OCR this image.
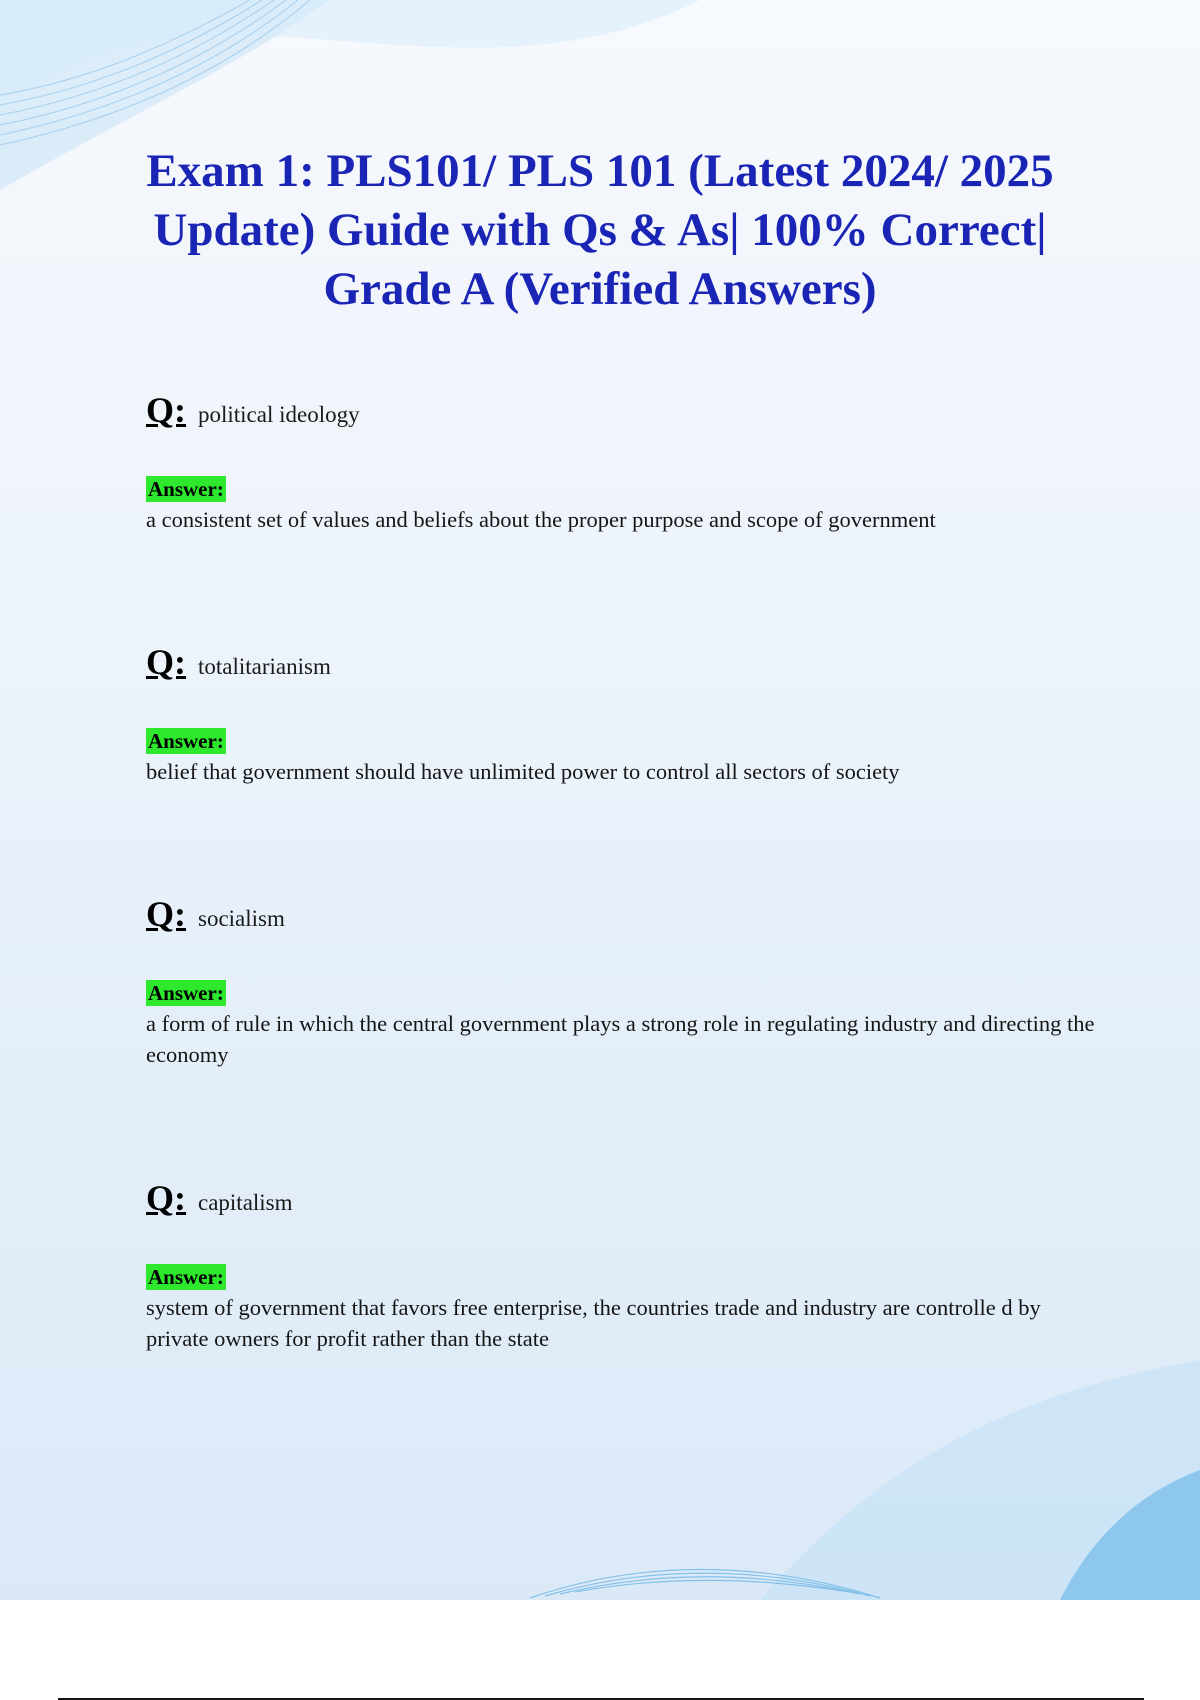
Exam 1: PLS101/ PLS 101 (Latest 2024/ 2025 Update) Guide with Qs & As| 100% Correct| Grade A (Verified Answers)
Q: political ideology
Answer:
a consistent set of values and beliefs about the proper purpose and scope of government
Q: totalitarianism
Answer:
belief that government should have unlimited power to control all sectors of society
Q: socialism
Answer:
a form of rule in which the central government plays a strong role in regulating industry and directing the economy
Q: capitalism
Answer:
system of government that favors free enterprise, the countries trade and industry are controlle d by private owners for profit rather than the state
